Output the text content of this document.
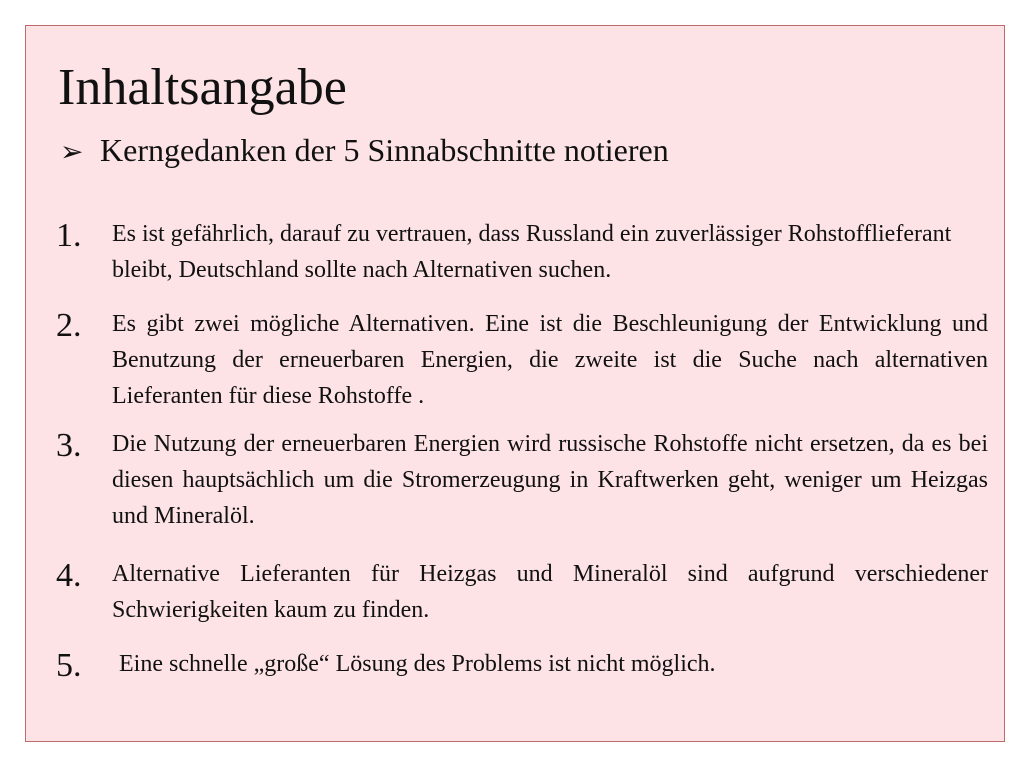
Inhaltsangabe
➢ Kerngedanken der 5 Sinnabschnitte notieren
1.	Es ist gefährlich, darauf zu vertrauen, dass Russland ein zuverlässiger Rohstofflieferant bleibt, Deutschland sollte nach Alternativen suchen.
2.	Es gibt zwei mögliche Alternativen. Eine ist die Beschleunigung der Entwicklung und Benutzung der erneuerbaren Energien, die zweite ist die Suche nach alternativen Lieferanten für diese Rohstoffe .
3.	Die Nutzung der erneuerbaren Energien wird russische Rohstoffe nicht ersetzen, da es bei diesen hauptsächlich um die Stromerzeugung in Kraftwerken geht, weniger um Heizgas und Mineralöl.
4.	Alternative Lieferanten für Heizgas und Mineralöl sind aufgrund verschiedener Schwierigkeiten kaum zu finden.
5.	Eine schnelle „große“ Lösung des Problems ist nicht möglich.
